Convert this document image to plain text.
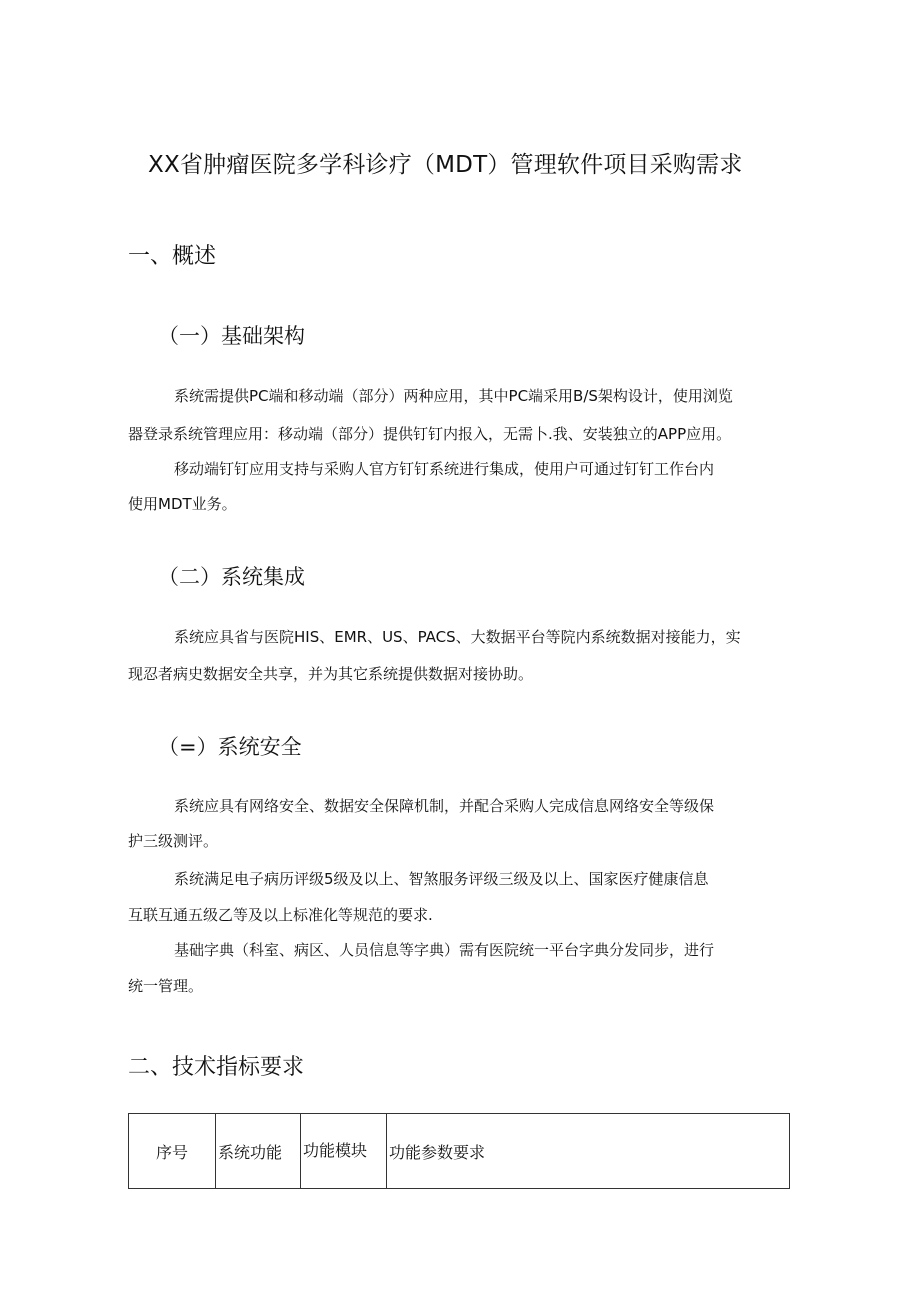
XX省肿瘤医院多学科诊疗（MDT）管理软件项目采购需求
一、概述
（一）基础架构
系统需提供PC端和移动端（部分）两种应用，其中PC端采用B/S架构设计，使用浏览
器登录系统管理应用：移动端（部分）提供钉钉内报入，无需卜.我、安装独立的APP应用。
移动端钉钉应用支持与采购人官方钉钉系统进行集成，使用户可通过钉钉工作台内
使用MDT业务。
（二）系统集成
系统应具省与医院HIS、EMR、US、PACS、大数据平台等院内系统数据对接能力，实
现忍者病史数据安全共享，并为其它系统提供数据对接协助。
（=）系统安全
系统应具有网络安全、数据安全保障机制，并配合采购人完成信息网络安全等级保
护三级测评。
系统满足电子病历评级5级及以上、智煞服务评级三级及以上、国家医疗健康信息
互联互通五级乙等及以上标准化等规范的要求.
基础字典（科室、病区、人员信息等字典）需有医院统一平台字典分发同步，进行
统一管理。
二、技术指标要求
序号	系统功能	功能模块	功能参数要求
